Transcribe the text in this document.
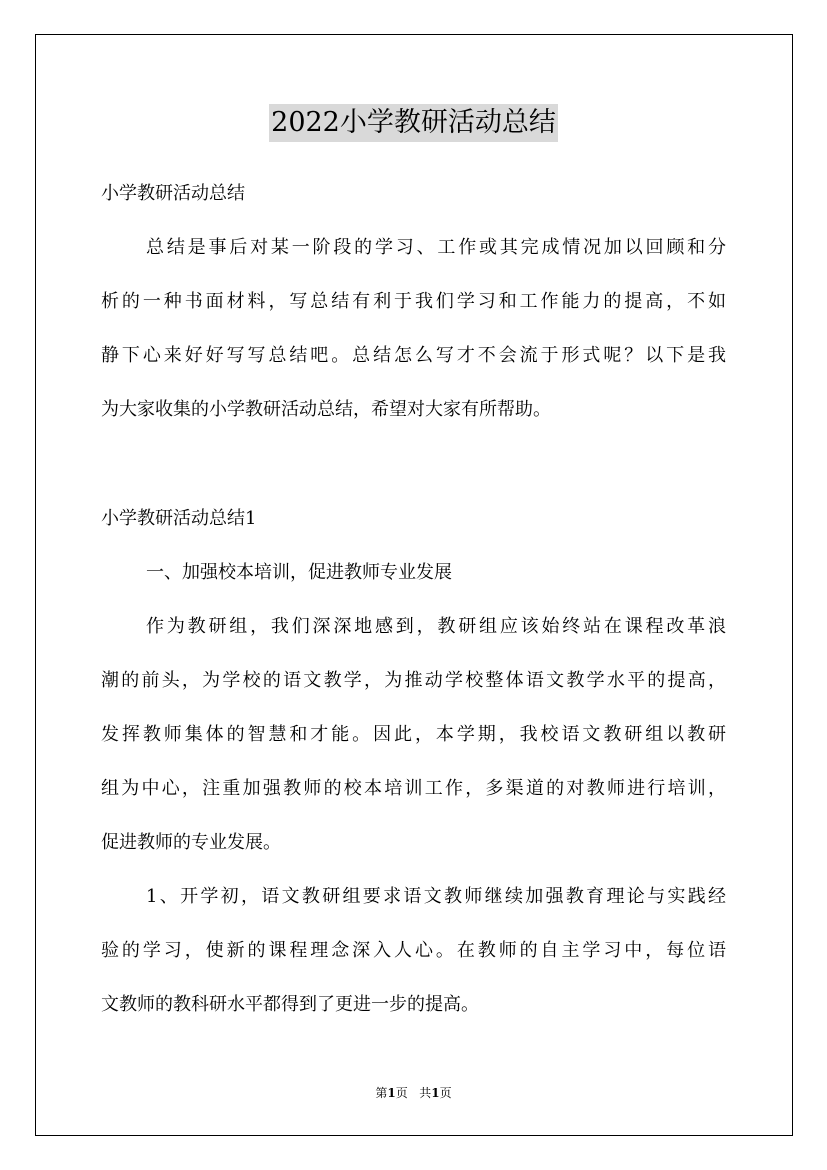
2022小学教研活动总结
小学教研活动总结
总结是事后对某一阶段的学习、工作或其完成情况加以回顾和分
析的一种书面材料，写总结有利于我们学习和工作能力的提高，不如
静下心来好好写写总结吧。总结怎么写才不会流于形式呢？以下是我
为大家收集的小学教研活动总结，希望对大家有所帮助。
小学教研活动总结1
一、加强校本培训，促进教师专业发展
作为教研组，我们深深地感到，教研组应该始终站在课程改革浪
潮的前头，为学校的语文教学，为推动学校整体语文教学水平的提高，
发挥教师集体的智慧和才能。因此，本学期，我校语文教研组以教研
组为中心，注重加强教师的校本培训工作，多渠道的对教师进行培训，
促进教师的专业发展。
1、开学初，语文教研组要求语文教师继续加强教育理论与实践经
验的学习，使新的课程理念深入人心。在教师的自主学习中，每位语
文教师的教科研水平都得到了更进一步的提高。
第1页 共1页
